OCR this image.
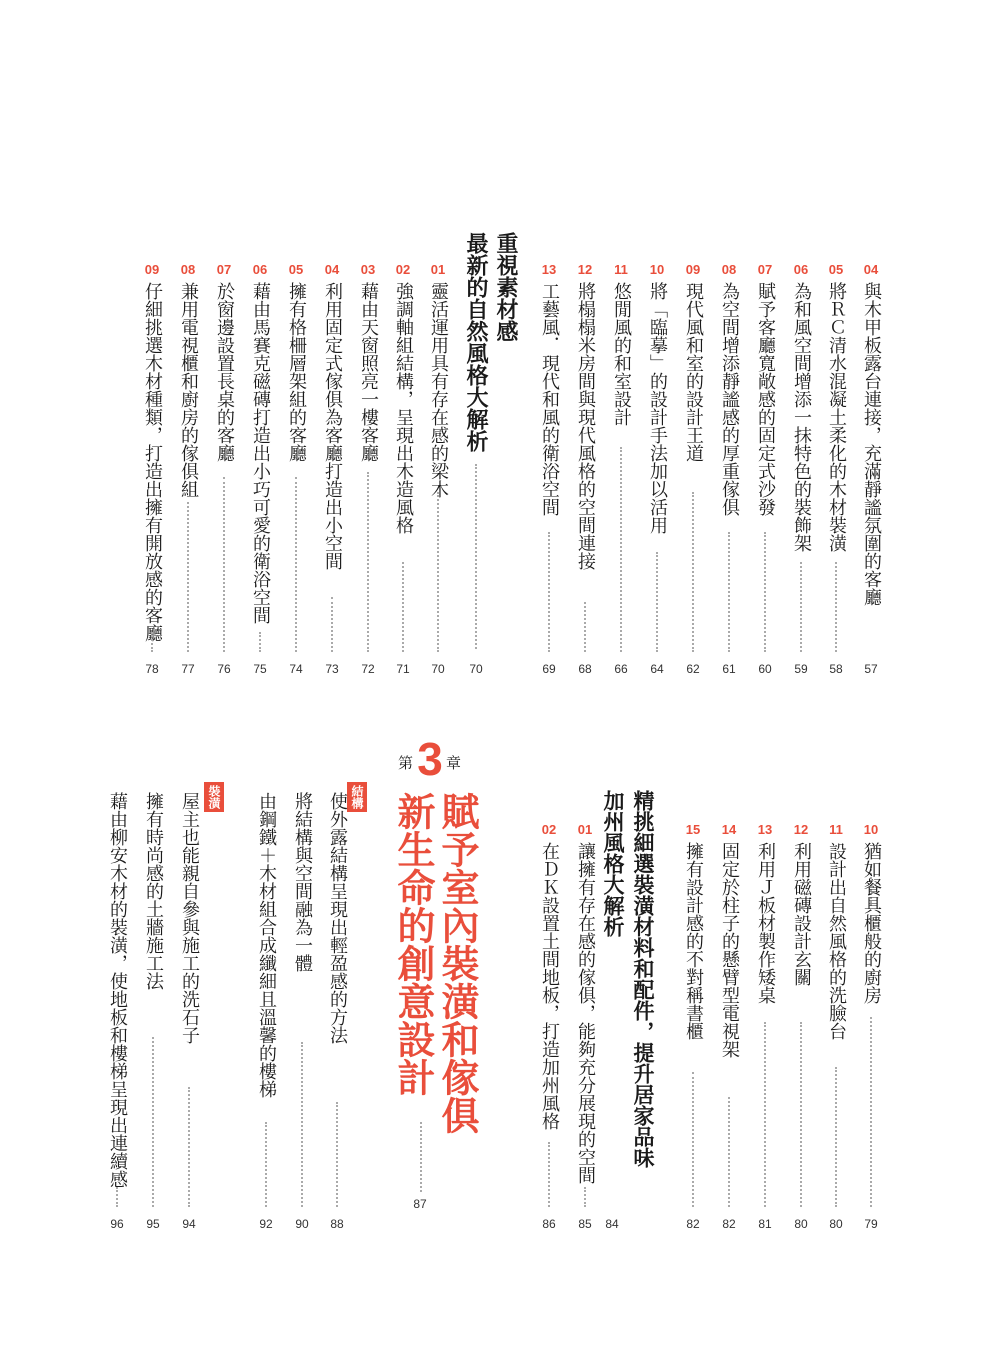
04
與木甲板露台連接，充滿靜謐氛圍的客廳
57
05
將ＲＣ清水混凝土柔化的木材裝潢
58
06
為和風空間增添一抹特色的裝飾架
59
07
賦予客廳寬敞感的固定式沙發
60
08
為空間增添靜謐感的厚重傢俱
61
09
現代風和室的設計王道
62
10
將「臨摹」的設計手法加以活用
64
11
悠閒風的和室設計
66
12
將榻榻米房間與現代風格的空間連接
68
13
工藝風．現代和風的衛浴空間
69
重視素材感
最新的自然風格大解析
70
01
靈活運用具有存在感的梁木
70
02
強調軸組結構，呈現出木造風格
71
03
藉由天窗照亮一樓客廳
72
04
利用固定式傢俱為客廳打造出小空間
73
05
擁有格柵層架組的客廳
74
06
藉由馬賽克磁磚打造出小巧可愛的衛浴空間
75
07
於窗邊設置長桌的客廳
76
08
兼用電視櫃和廚房的傢俱組
77
09
仔細挑選木材種類，打造出擁有開放感的客廳
78
10
猶如餐具櫃般的廚房
79
11
設計出自然風格的洗臉台
80
12
利用磁磚設計玄關
80
13
利用Ｊ板材製作矮桌
81
14
固定於柱子的懸臂型電視架
82
15
擁有設計感的不對稱書櫃
82
精挑細選裝潢材料和配件，提升居家品味
加州風格大解析
84
01
讓擁有存在感的傢俱，能夠充分展現的空間
85
02
在ＤＫ設置土間地板，打造加州風格
86
第 3 章
賦予室內裝潢和傢俱
新生命的創意設計
87
結構
使外露結構呈現出輕盈感的方法
88
將結構與空間融為一體
90
由鋼鐵＋木材組合成纖細且溫馨的樓梯
92
裝潢
屋主也能親自參與施工的洗石子
94
擁有時尚感的土牆施工法
95
藉由柳安木材的裝潢，使地板和樓梯呈現出連續感
96
